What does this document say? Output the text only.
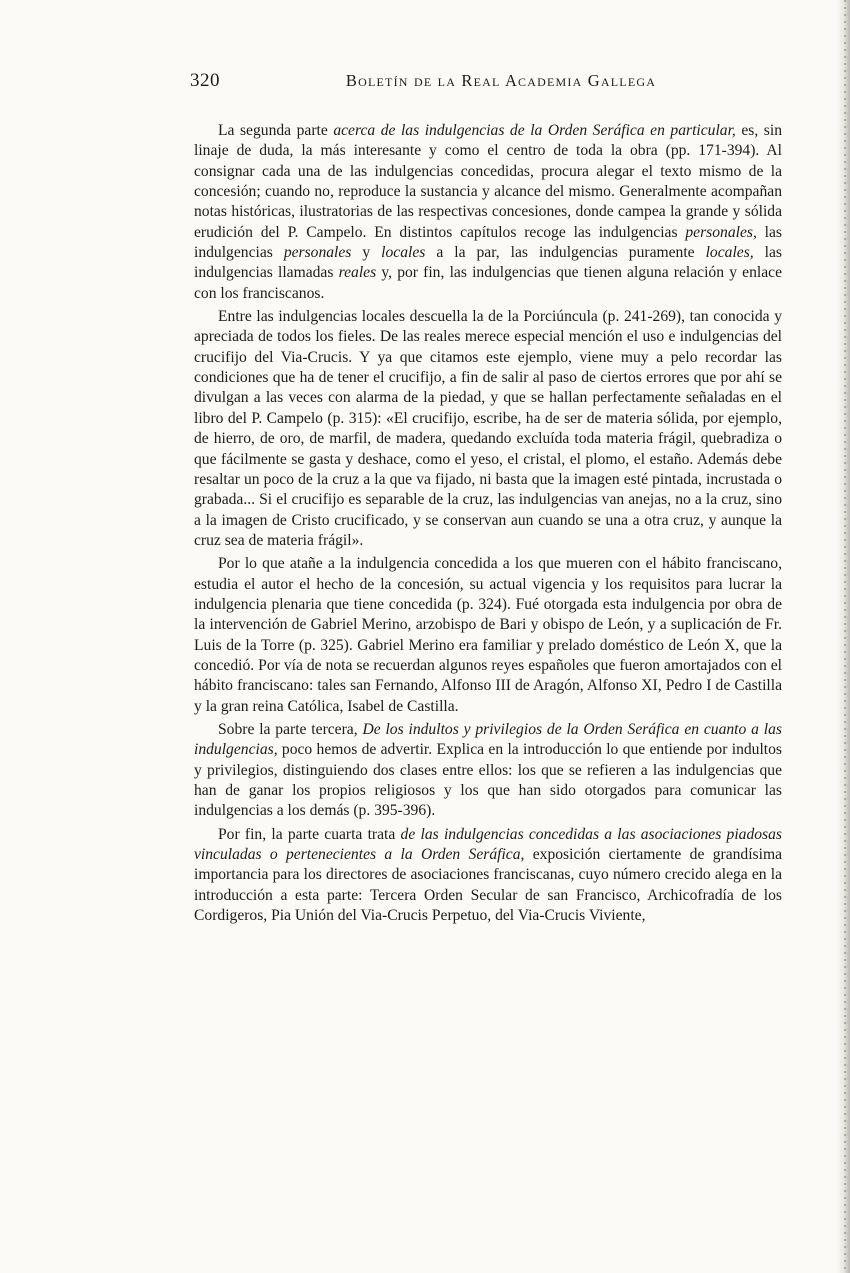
320	Boletín de la Real Academia Gallega

La segunda parte acerca de las indulgencias de la Orden Seráfica en particular, es, sin linaje de duda, la más interesante y como el centro de toda la obra (pp. 171-394). Al consignar cada una de las indulgencias concedidas, procura alegar el texto mismo de la concesión; cuando no, reproduce la sustancia y alcance del mismo. Generalmente acompañan notas históricas, ilustratorias de las respectivas concesiones, donde campea la grande y sólida erudición del P. Campelo. En distintos capítulos recoge las indulgencias personales, las indulgencias personales y locales a la par, las indulgencias puramente locales, las indulgencias llamadas reales y, por fin, las indulgencias que tienen alguna relación y enlace con los franciscanos.

Entre las indulgencias locales descuella la de la Porciúncula (p. 241-269), tan conocida y apreciada de todos los fieles. De las reales merece especial mención el uso e indulgencias del crucifijo del Via-Crucis. Y ya que citamos este ejemplo, viene muy a pelo recordar las condiciones que ha de tener el crucifijo, a fin de salir al paso de ciertos errores que por ahí se divulgan a las veces con alarma de la piedad, y que se hallan perfectamente señaladas en el libro del P. Campelo (p. 315): «El crucifijo, escribe, ha de ser de materia sólida, por ejemplo, de hierro, de oro, de marfil, de madera, quedando excluída toda materia frágil, quebradiza o que fácilmente se gasta y deshace, como el yeso, el cristal, el plomo, el estaño. Además debe resaltar un poco de la cruz a la que va fijado, ni basta que la imagen esté pintada, incrustada o grabada... Si el crucifijo es separable de la cruz, las indulgencias van anejas, no a la cruz, sino a la imagen de Cristo crucificado, y se conservan aun cuando se una a otra cruz, y aunque la cruz sea de materia frágil».

Por lo que atañe a la indulgencia concedida a los que mueren con el hábito franciscano, estudia el autor el hecho de la concesión, su actual vigencia y los requisitos para lucrar la indulgencia plenaria que tiene concedida (p. 324). Fué otorgada esta indulgencia por obra de la intervención de Gabriel Merino, arzobispo de Bari y obispo de León, y a suplicación de Fr. Luis de la Torre (p. 325). Gabriel Merino era familiar y prelado doméstico de León X, que la concedió. Por vía de nota se recuerdan algunos reyes españoles que fueron amortajados con el hábito franciscano: tales san Fernando, Alfonso III de Aragón, Alfonso XI, Pedro I de Castilla y la gran reina Católica, Isabel de Castilla.

Sobre la parte tercera, De los indultos y privilegios de la Orden Seráfica en cuanto a las indulgencias, poco hemos de advertir. Explica en la introducción lo que entiende por indultos y privilegios, distinguiendo dos clases entre ellos: los que se refieren a las indulgencias que han de ganar los propios religiosos y los que han sido otorgados para comunicar las indulgencias a los demás (p. 395-396).

Por fin, la parte cuarta trata de las indulgencias concedidas a las asociaciones piadosas vinculadas o pertenecientes a la Orden Seráfica, exposición ciertamente de grandísima importancia para los directores de asociaciones franciscanas, cuyo número crecido alega en la introducción a esta parte: Tercera Orden Secular de san Francisco, Archicofradía de los Cordigeros, Pia Unión del Via-Crucis Perpetuo, del Via-Crucis Viviente,
